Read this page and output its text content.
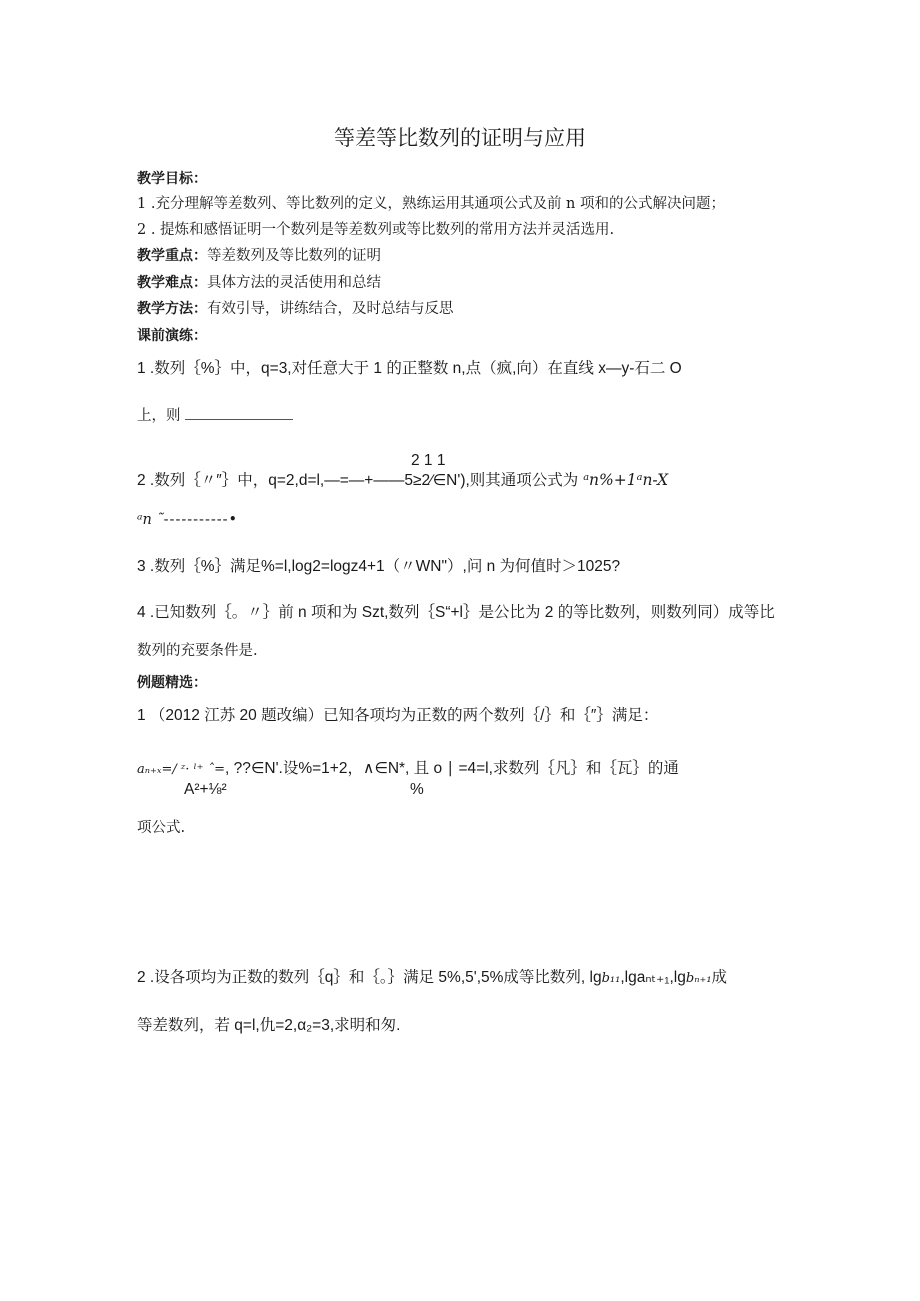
等差等比数列的证明与应用
教学目标：
1 .充分理解等差数列、等比数列的定义，熟练运用其通项公式及前 n 项和的公式解决问题；
2 . 提炼和感悟证明一个数列是等差数列或等比数列的常用方法并灵活选用.
教学重点：等差数列及等比数列的证明
教学难点：具体方法的灵活使用和总结
教学方法：有效引导，讲练结合，及时总结与反思
课前演练：
1 .数列｛%｝中，q=3,对任意大于 1 的正整数 n,点（疯,向）在直线 x—y-石二 O
上，则
2 1 1
2 .数列｛〃″｝中，q=2,d=l,—=—+——5≥2∕∈N'),则其通项公式为 ᵃn%+1ᵃn-X
ᵃn ˜-----------•
3 .数列｛%｝满足%=l,log2=logz4+1（〃WN"）,问 n 为何值时＞1025?
4 .已知数列｛。〃｝前 n 项和为 Szt,数列｛S“+l｝是公比为 2 的等比数列，则数列同）成等比
数列的充要条件是.
例题精选：
1 （2012 江苏 20 题改编）已知各项均为正数的两个数列｛/｝和｛″｝满足：
aₙ₊ₓ=∕ ᶻ· ˡ⁺ ˆ=, ??∈N'.设%=1+2，∧∈N*, 且 o ∣ =4=l,求数列｛凡｝和｛瓦｝的通
A²+⅛²	%
项公式.
2 .设各项均为正数的数列｛q｝和｛。｝满足 5%,5',5%成等比数列, lgb₁₁,lgaₙₜ₊₁,lgbₙ₊₁成
等差数列，若 q=l,仇=2,α₂=3,求明和匆.
